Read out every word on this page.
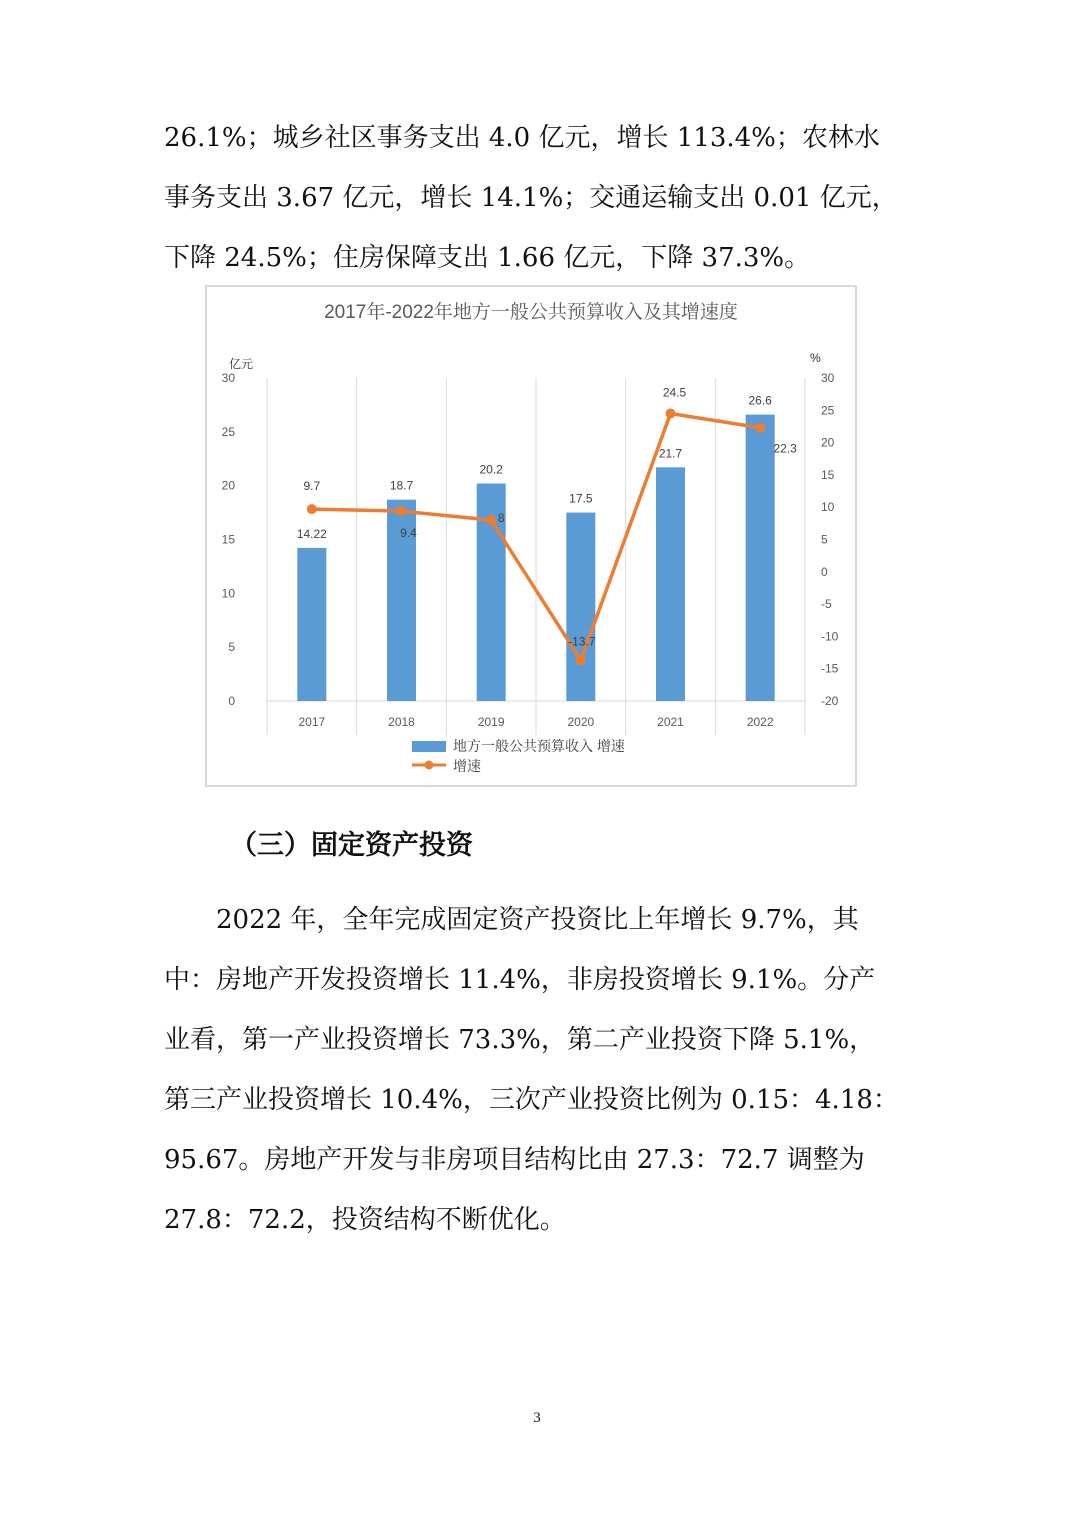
26.1%；城乡社区事务支出 4.0 亿元，增长 113.4%；农林水
事务支出 3.67 亿元，增长 14.1%；交通运输支出 0.01 亿元，
下降 24.5%；住房保障支出 1.66 亿元，下降 37.3%。
2017年-2022年地方一般公共预算收入及其增速度
亿元	%
0
5
10
15
20
25
30
-20
-15
-10
-5
0
5
10
15
20
25
30
2017	2018	2019	2020	2021	2022
14.22
18.7
20.2
17.5
21.7
26.6
9.7
9.4
8
-13.7
24.5
22.3
地方一般公共预算收入 增速
增速
（三）固定资产投资
　　2022 年，全年完成固定资产投资比上年增长 9.7%，其
中：房地产开发投资增长 11.4%，非房投资增长 9.1%。分产
业看，第一产业投资增长 73.3%，第二产业投资下降 5.1%，
第三产业投资增长 10.4%，三次产业投资比例为 0.15：4.18：
95.67。房地产开发与非房项目结构比由 27.3：72.7 调整为
27.8：72.2，投资结构不断优化。
3
